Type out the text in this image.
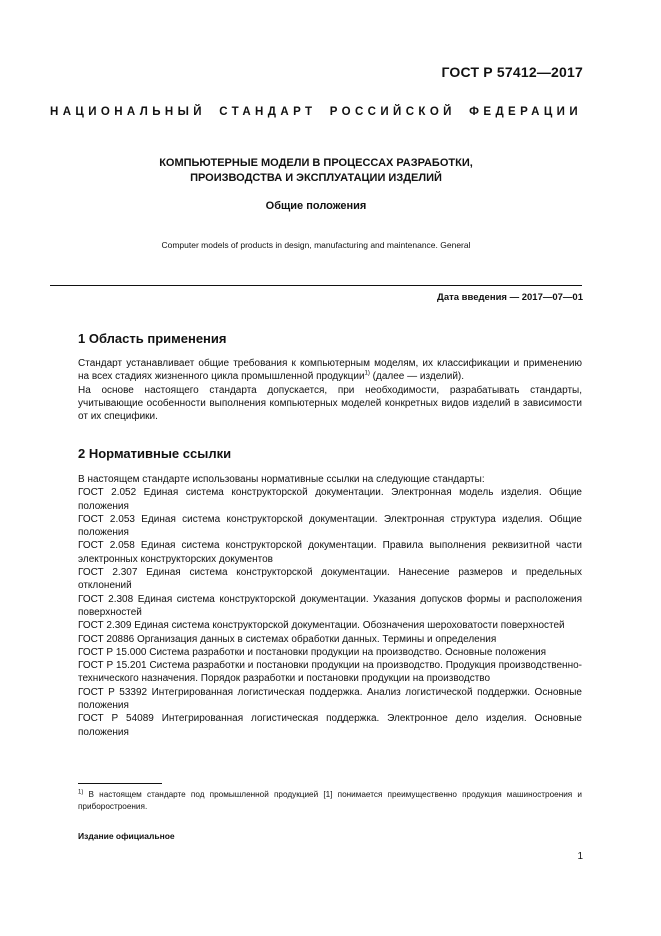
ГОСТ Р 57412—2017
НАЦИОНАЛЬНЫЙ СТАНДАРТ РОССИЙСКОЙ ФЕДЕРАЦИИ
КОМПЬЮТЕРНЫЕ МОДЕЛИ В ПРОЦЕССАХ РАЗРАБОТКИ,
ПРОИЗВОДСТВА И ЭКСПЛУАТАЦИИ ИЗДЕЛИЙ
Общие положения
Computer models of products in design, manufacturing and maintenance. General
Дата введения — 2017—07—01
1 Область применения

Стандарт устанавливает общие требования к компьютерным моделям, их классификации и применению на всех стадиях жизненного цикла промышленной продукции$^{1)}$ (далее — изделий).

На основе настоящего стандарта допускается, при необходимости, разрабатывать стандарты, учитывающие особенности выполнения компьютерных моделей конкретных видов изделий в зависимости от их специфики.

2 Нормативные ссылки

В настоящем стандарте использованы нормативные ссылки на следующие стандарты:

ГОСТ 2.052 Единая система конструкторской документации. Электронная модель изделия. Общие положения

ГОСТ 2.053 Единая система конструкторской документации. Электронная структура изделия. Общие положения

ГОСТ 2.058 Единая система конструкторской документации. Правила выполнения реквизитной части электронных конструкторских документов

ГОСТ 2.307 Единая система конструкторской документации. Нанесение размеров и предельных отклонений

ГОСТ 2.308 Единая система конструкторской документации. Указания допусков формы и расположения поверхностей

ГОСТ 2.309 Единая система конструкторской документации. Обозначения шероховатости поверхностей

ГОСТ 20886 Организация данных в системах обработки данных. Термины и определения

ГОСТ Р 15.000 Система разработки и постановки продукции на производство. Основные положения

ГОСТ Р 15.201 Система разработки и постановки продукции на производство. Продукция производственно-технического назначения. Порядок разработки и постановки продукции на производство

ГОСТ Р 53392 Интегрированная логистическая поддержка. Анализ логистической поддержки. Основные положения

ГОСТ Р 54089 Интегрированная логистическая поддержка. Электронное дело изделия. Основные положения

$^{1)}$ В настоящем стандарте под промышленной продукцией [1] понимается преимущественно продукция машиностроения и приборостроения.
Издание официальное
1
